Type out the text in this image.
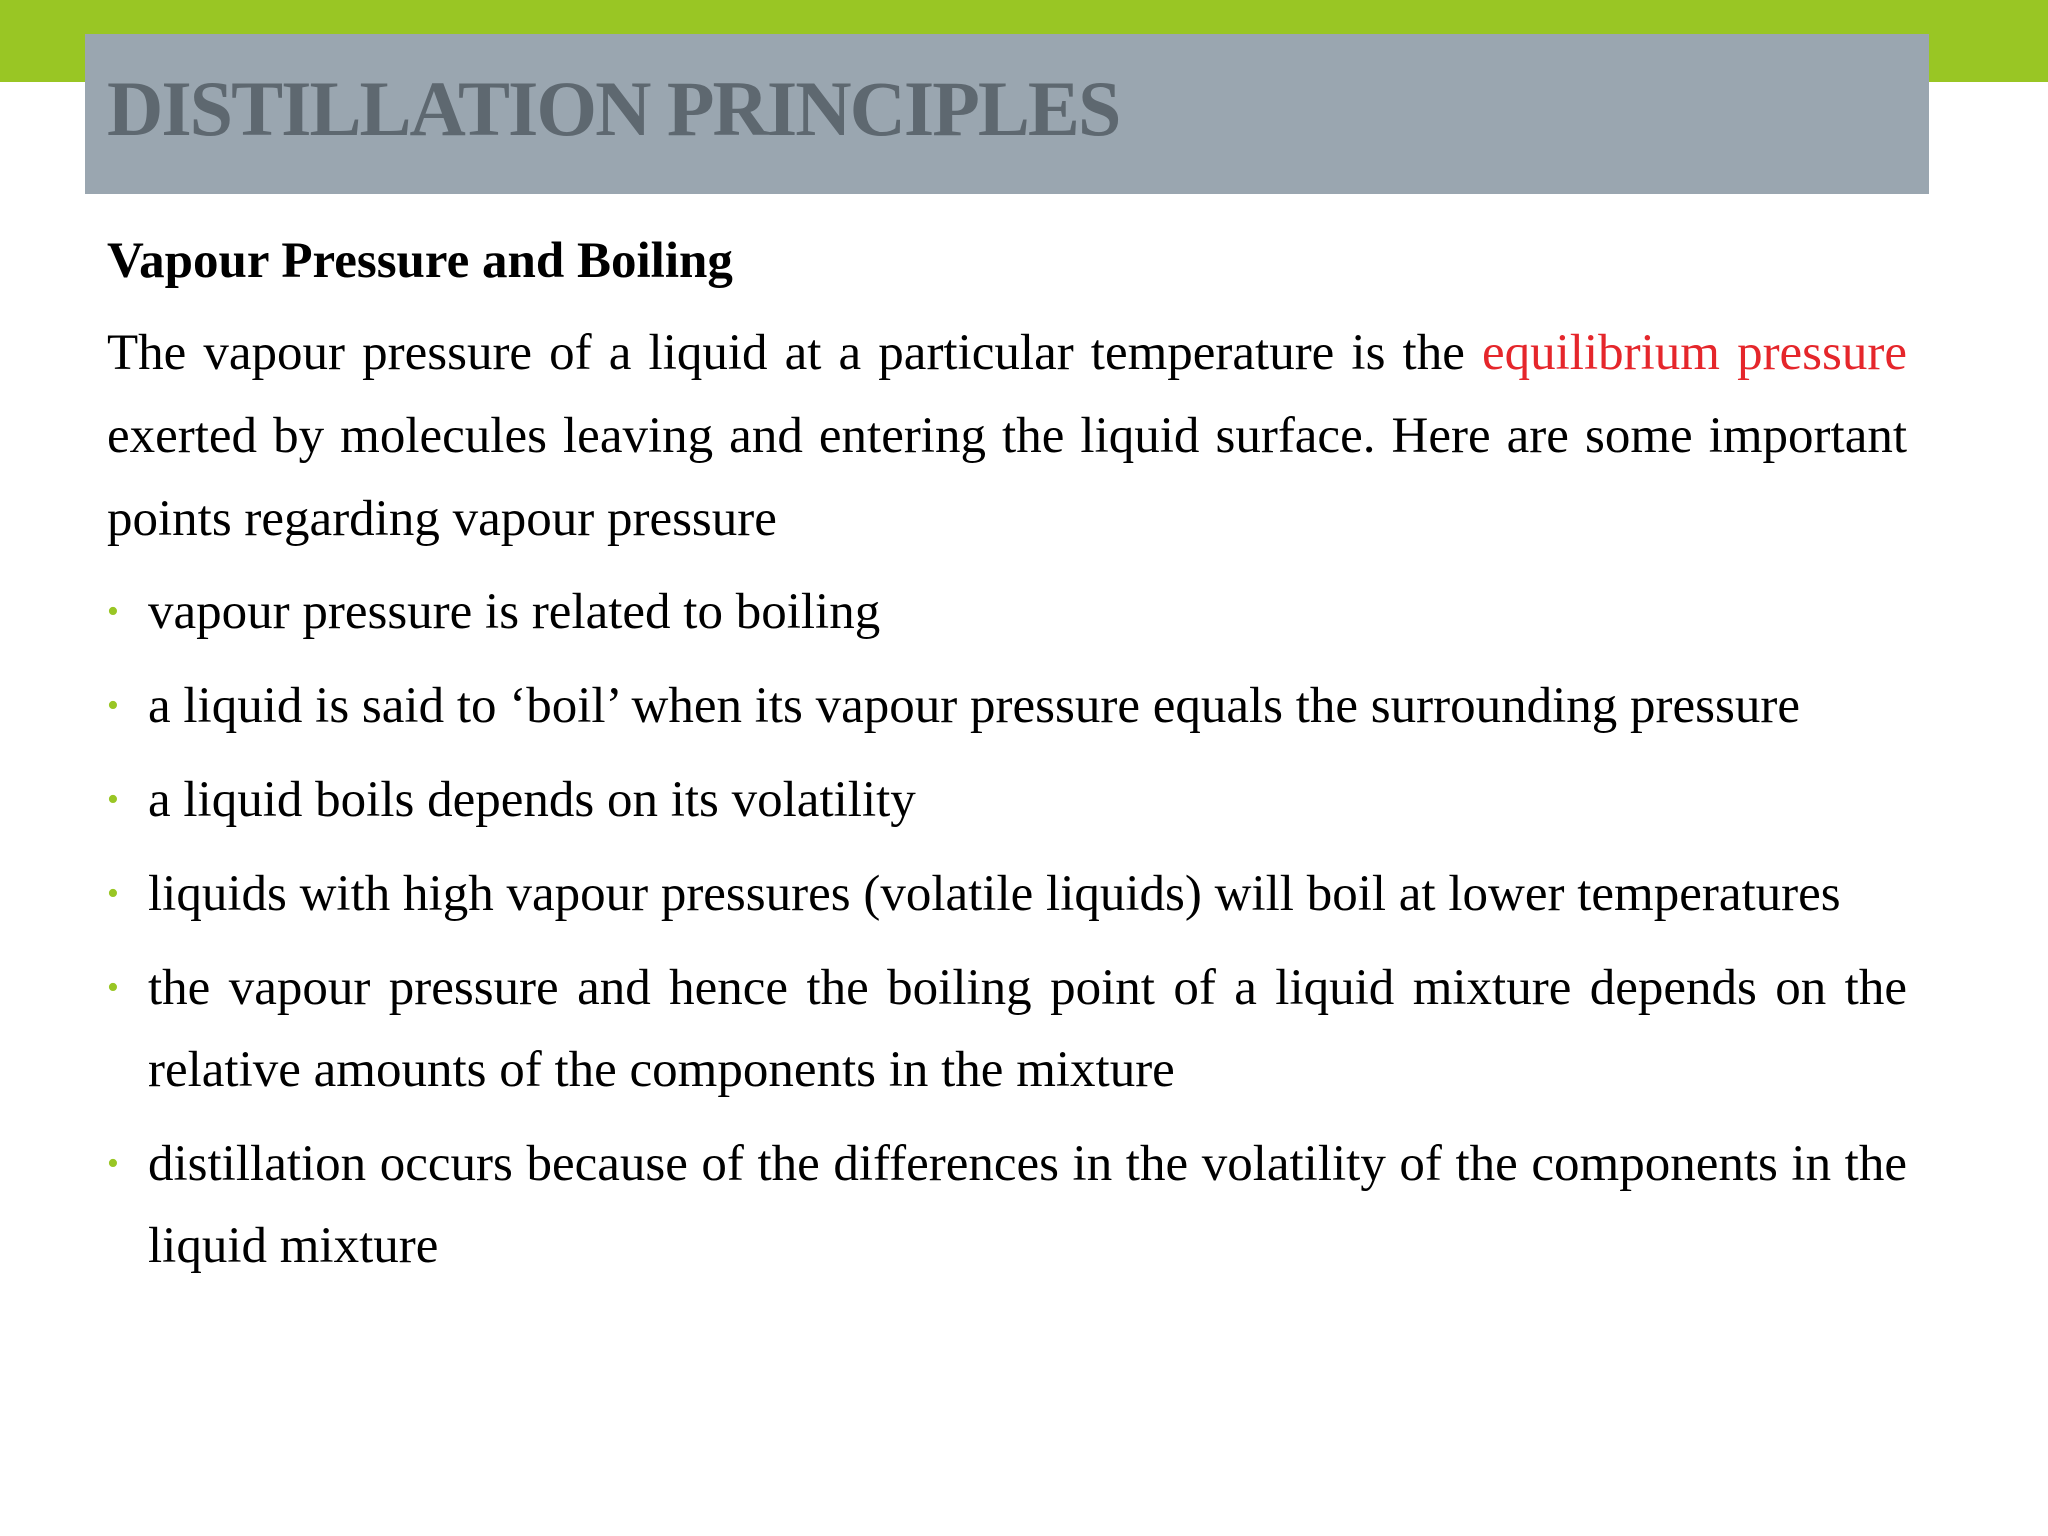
DISTILLATION PRINCIPLES
Vapour Pressure and Boiling

The vapour pressure of a liquid at a particular temperature is the equilibrium pressure exerted by molecules leaving and entering the liquid surface. Here are some important points regarding vapour pressure

• vapour pressure is related to boiling
• a liquid is said to ‘boil’ when its vapour pressure equals the surrounding pressure
• a liquid boils depends on its volatility
• liquids with high vapour pressures (volatile liquids) will boil at lower temperatures
• the vapour pressure and hence the boiling point of a liquid mixture depends on the relative amounts of the components in the mixture
• distillation occurs because of the differences in the volatility of the components in the liquid mixture
